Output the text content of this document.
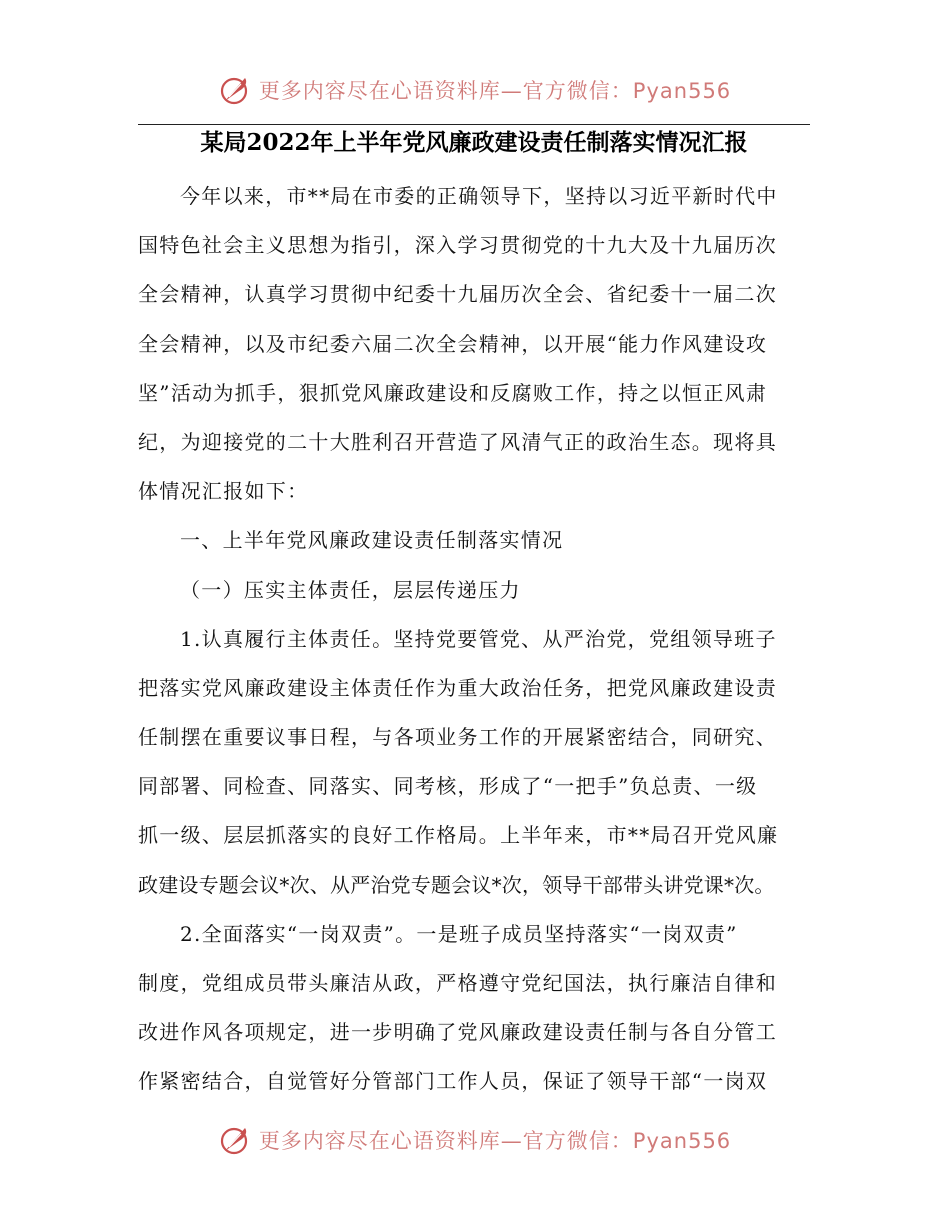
更多内容尽在心语资料库—官方微信：Pyan556
某局2022年上半年党风廉政建设责任制落实情况汇报
今年以来，市**局在市委的正确领导下，坚持以习近平新时代中
国特色社会主义思想为指引，深入学习贯彻党的十九大及十九届历次
全会精神，认真学习贯彻中纪委十九届历次全会、省纪委十一届二次
全会精神，以及市纪委六届二次全会精神，以开展“能力作风建设攻
坚”活动为抓手，狠抓党风廉政建设和反腐败工作，持之以恒正风肃
纪，为迎接党的二十大胜利召开营造了风清气正的政治生态。现将具
体情况汇报如下：
一、上半年党风廉政建设责任制落实情况
（一）压实主体责任，层层传递压力
1.认真履行主体责任。坚持党要管党、从严治党，党组领导班子
把落实党风廉政建设主体责任作为重大政治任务，把党风廉政建设责
任制摆在重要议事日程，与各项业务工作的开展紧密结合，同研究、
同部署、同检查、同落实、同考核，形成了“一把手”负总责、一级
抓一级、层层抓落实的良好工作格局。上半年来，市**局召开党风廉
政建设专题会议*次、从严治党专题会议*次，领导干部带头讲党课*次。
2.全面落实“一岗双责”。一是班子成员坚持落实“一岗双责”
制度，党组成员带头廉洁从政，严格遵守党纪国法，执行廉洁自律和
改进作风各项规定，进一步明确了党风廉政建设责任制与各自分管工
作紧密结合，自觉管好分管部门工作人员，保证了领导干部“一岗双
更多内容尽在心语资料库—官方微信：Pyan556
